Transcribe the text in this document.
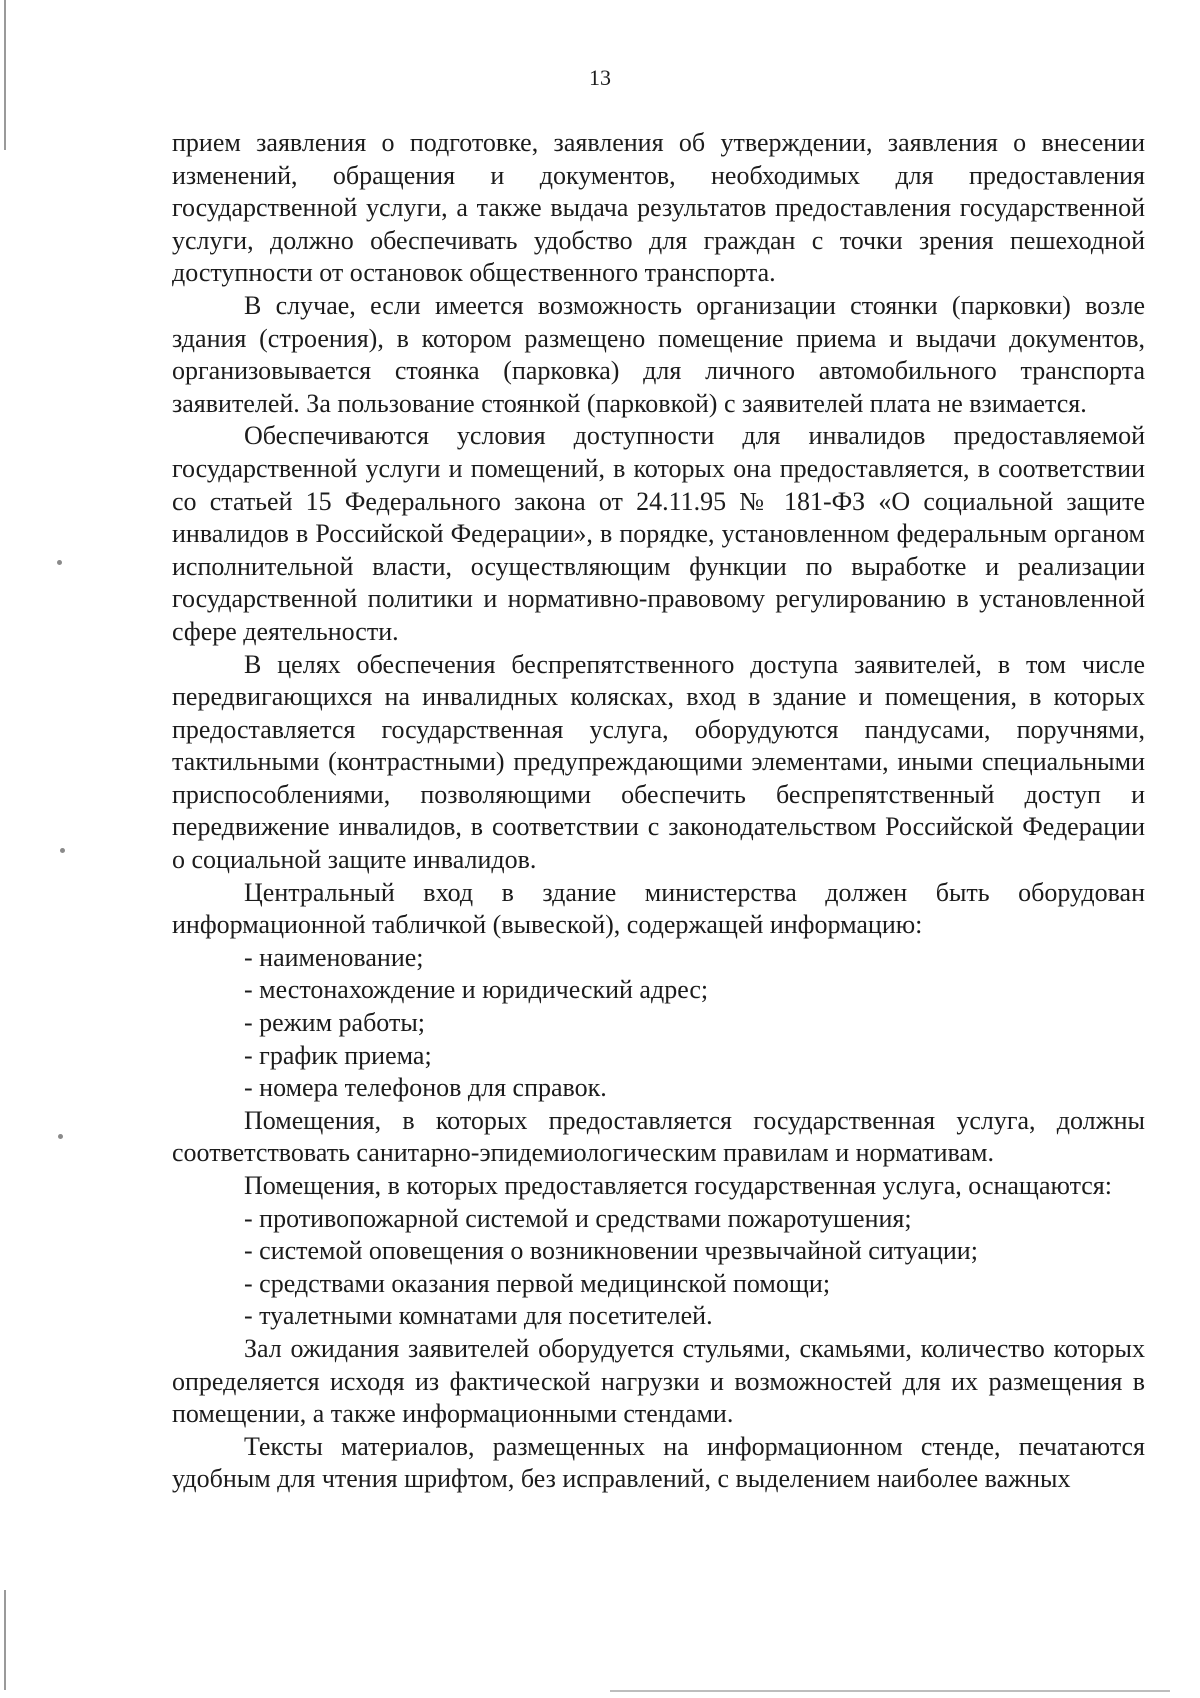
13

прием заявления о подготовке, заявления об утверждении, заявления о внесении изменений, обращения и документов, необходимых для предоставления государственной услуги, а также выдача результатов предоставления государственной услуги, должно обеспечивать удобство для граждан с точки зрения пешеходной доступности от остановок общественного транспорта.

В случае, если имеется возможность организации стоянки (парковки) возле здания (строения), в котором размещено помещение приема и выдачи документов, организовывается стоянка (парковка) для личного автомобильного транспорта заявителей. За пользование стоянкой (парковкой) с заявителей плата не взимается.

Обеспечиваются условия доступности для инвалидов предоставляемой государственной услуги и помещений, в которых она предоставляется, в соответствии со статьей 15 Федерального закона от 24.11.95 № 181-ФЗ «О социальной защите инвалидов в Российской Федерации», в порядке, установленном федеральным органом исполнительной власти, осуществляющим функции по выработке и реализации государственной политики и нормативно-правовому регулированию в установленной сфере деятельности.

В целях обеспечения беспрепятственного доступа заявителей, в том числе передвигающихся на инвалидных колясках, вход в здание и помещения, в которых предоставляется государственная услуга, оборудуются пандусами, поручнями, тактильными (контрастными) предупреждающими элементами, иными специальными приспособлениями, позволяющими обеспечить беспрепятственный доступ и передвижение инвалидов, в соответствии с законодательством Российской Федерации о социальной защите инвалидов.

Центральный вход в здание министерства должен быть оборудован информационной табличкой (вывеской), содержащей информацию:

- наименование;

- местонахождение и юридический адрес;

- режим работы;

- график приема;

- номера телефонов для справок.

Помещения, в которых предоставляется государственная услуга, должны соответствовать санитарно-эпидемиологическим правилам и нормативам.

Помещения, в которых предоставляется государственная услуга, оснащаются:

- противопожарной системой и средствами пожаротушения;

- системой оповещения о возникновении чрезвычайной ситуации;

- средствами оказания первой медицинской помощи;

- туалетными комнатами для посетителей.

Зал ожидания заявителей оборудуется стульями, скамьями, количество которых определяется исходя из фактической нагрузки и возможностей для их размещения в помещении, а также информационными стендами.

Тексты материалов, размещенных на информационном стенде, печатаются удобным для чтения шрифтом, без исправлений, с выделением наиболее важных
